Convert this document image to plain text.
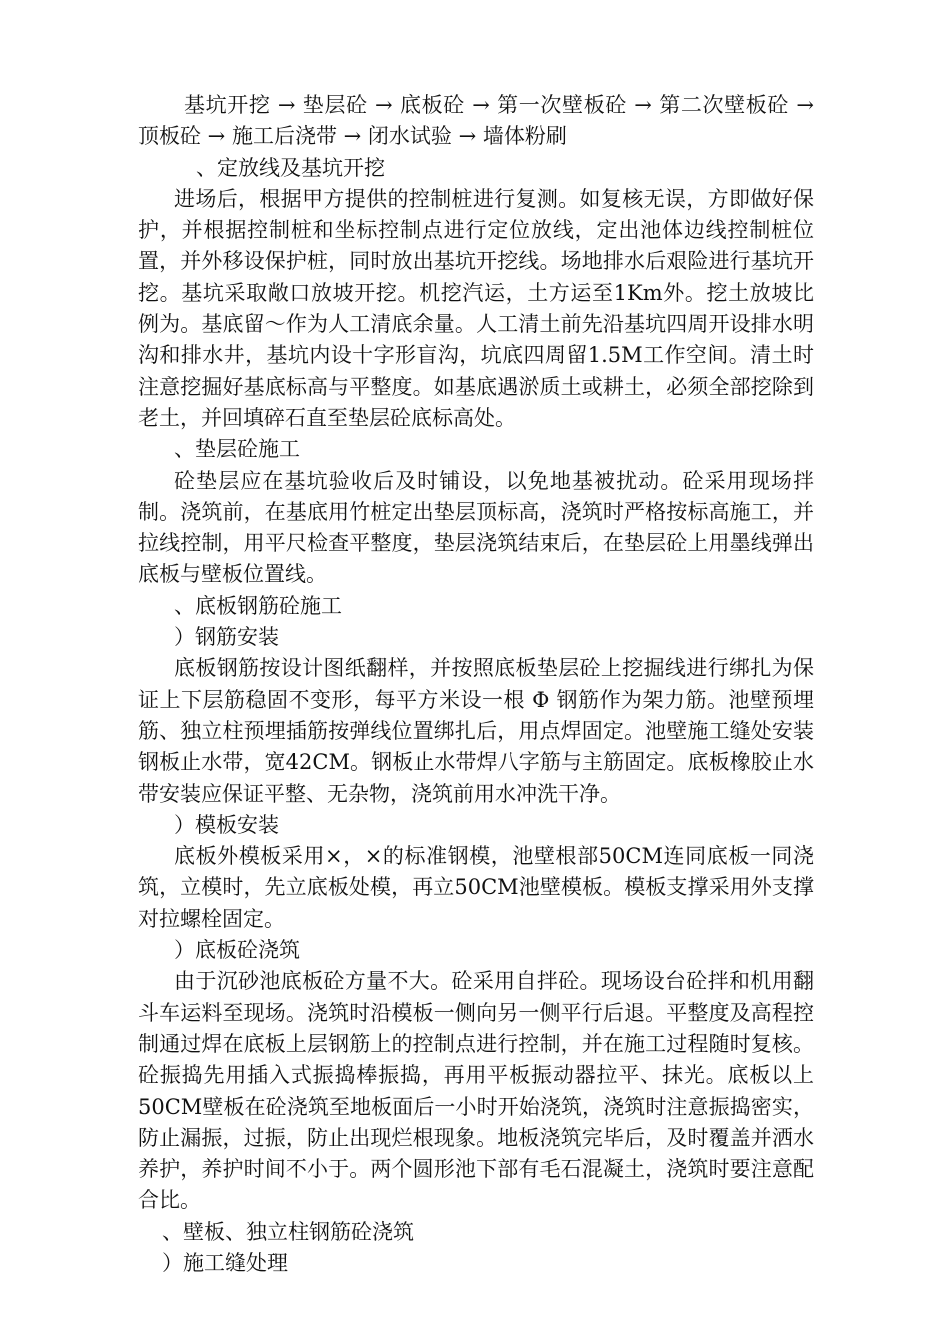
基坑开挖 → 垫层砼 → 底板砼 → 第一次壁板砼 → 第二次壁板砼 → 顶板砼 → 施工后浇带 → 闭水试验 → 墙体粉刷

、定放线及基坑开挖

进场后，根据甲方提供的控制桩进行复测。如复核无误，方即做好保护，并根据控制桩和坐标控制点进行定位放线，定出池体边线控制桩位置，并外移设保护桩，同时放出基坑开挖线。场地排水后艰险进行基坑开挖。基坑采取敞口放坡开挖。机挖汽运，土方运至1Km外。挖土放坡比例为。基底留～作为人工清底余量。人工清土前先沿基坑四周开设排水明沟和排水井，基坑内设十字形盲沟，坑底四周留1.5M工作空间。清土时注意挖掘好基底标高与平整度。如基底遇淤质土或耕土，必须全部挖除到老土，并回填碎石直至垫层砼底标高处。

、垫层砼施工

砼垫层应在基坑验收后及时铺设，以免地基被扰动。砼采用现场拌制。浇筑前，在基底用竹桩定出垫层顶标高，浇筑时严格按标高施工，并拉线控制，用平尺检查平整度，垫层浇筑结束后，在垫层砼上用墨线弹出底板与壁板位置线。

、底板钢筋砼施工

）钢筋安装

底板钢筋按设计图纸翻样，并按照底板垫层砼上挖掘线进行绑扎为保证上下层筋稳固不变形，每平方米设一根 Φ 钢筋作为架力筋。池壁预埋筋、独立柱预埋插筋按弹线位置绑扎后，用点焊固定。池壁施工缝处安装钢板止水带，宽42CM。钢板止水带焊八字筋与主筋固定。底板橡胶止水带安装应保证平整、无杂物，浇筑前用水冲洗干净。

）模板安装

底板外模板采用×，×的标准钢模，池壁根部50CM连同底板一同浇筑，立模时，先立底板处模，再立50CM池壁模板。模板支撑采用外支撑对拉螺栓固定。

）底板砼浇筑

由于沉砂池底板砼方量不大。砼采用自拌砼。现场设台砼拌和机用翻斗车运料至现场。浇筑时沿模板一侧向另一侧平行后退。平整度及高程控制通过焊在底板上层钢筋上的控制点进行控制，并在施工过程随时复核。砼振捣先用插入式振捣棒振捣，再用平板振动器拉平、抹光。底板以上50CM壁板在砼浇筑至地板面后一小时开始浇筑，浇筑时注意振捣密实，防止漏振，过振，防止出现烂根现象。地板浇筑完毕后，及时覆盖并洒水养护，养护时间不小于。两个圆形池下部有毛石混凝土，浇筑时要注意配合比。

、壁板、独立柱钢筋砼浇筑

）施工缝处理
